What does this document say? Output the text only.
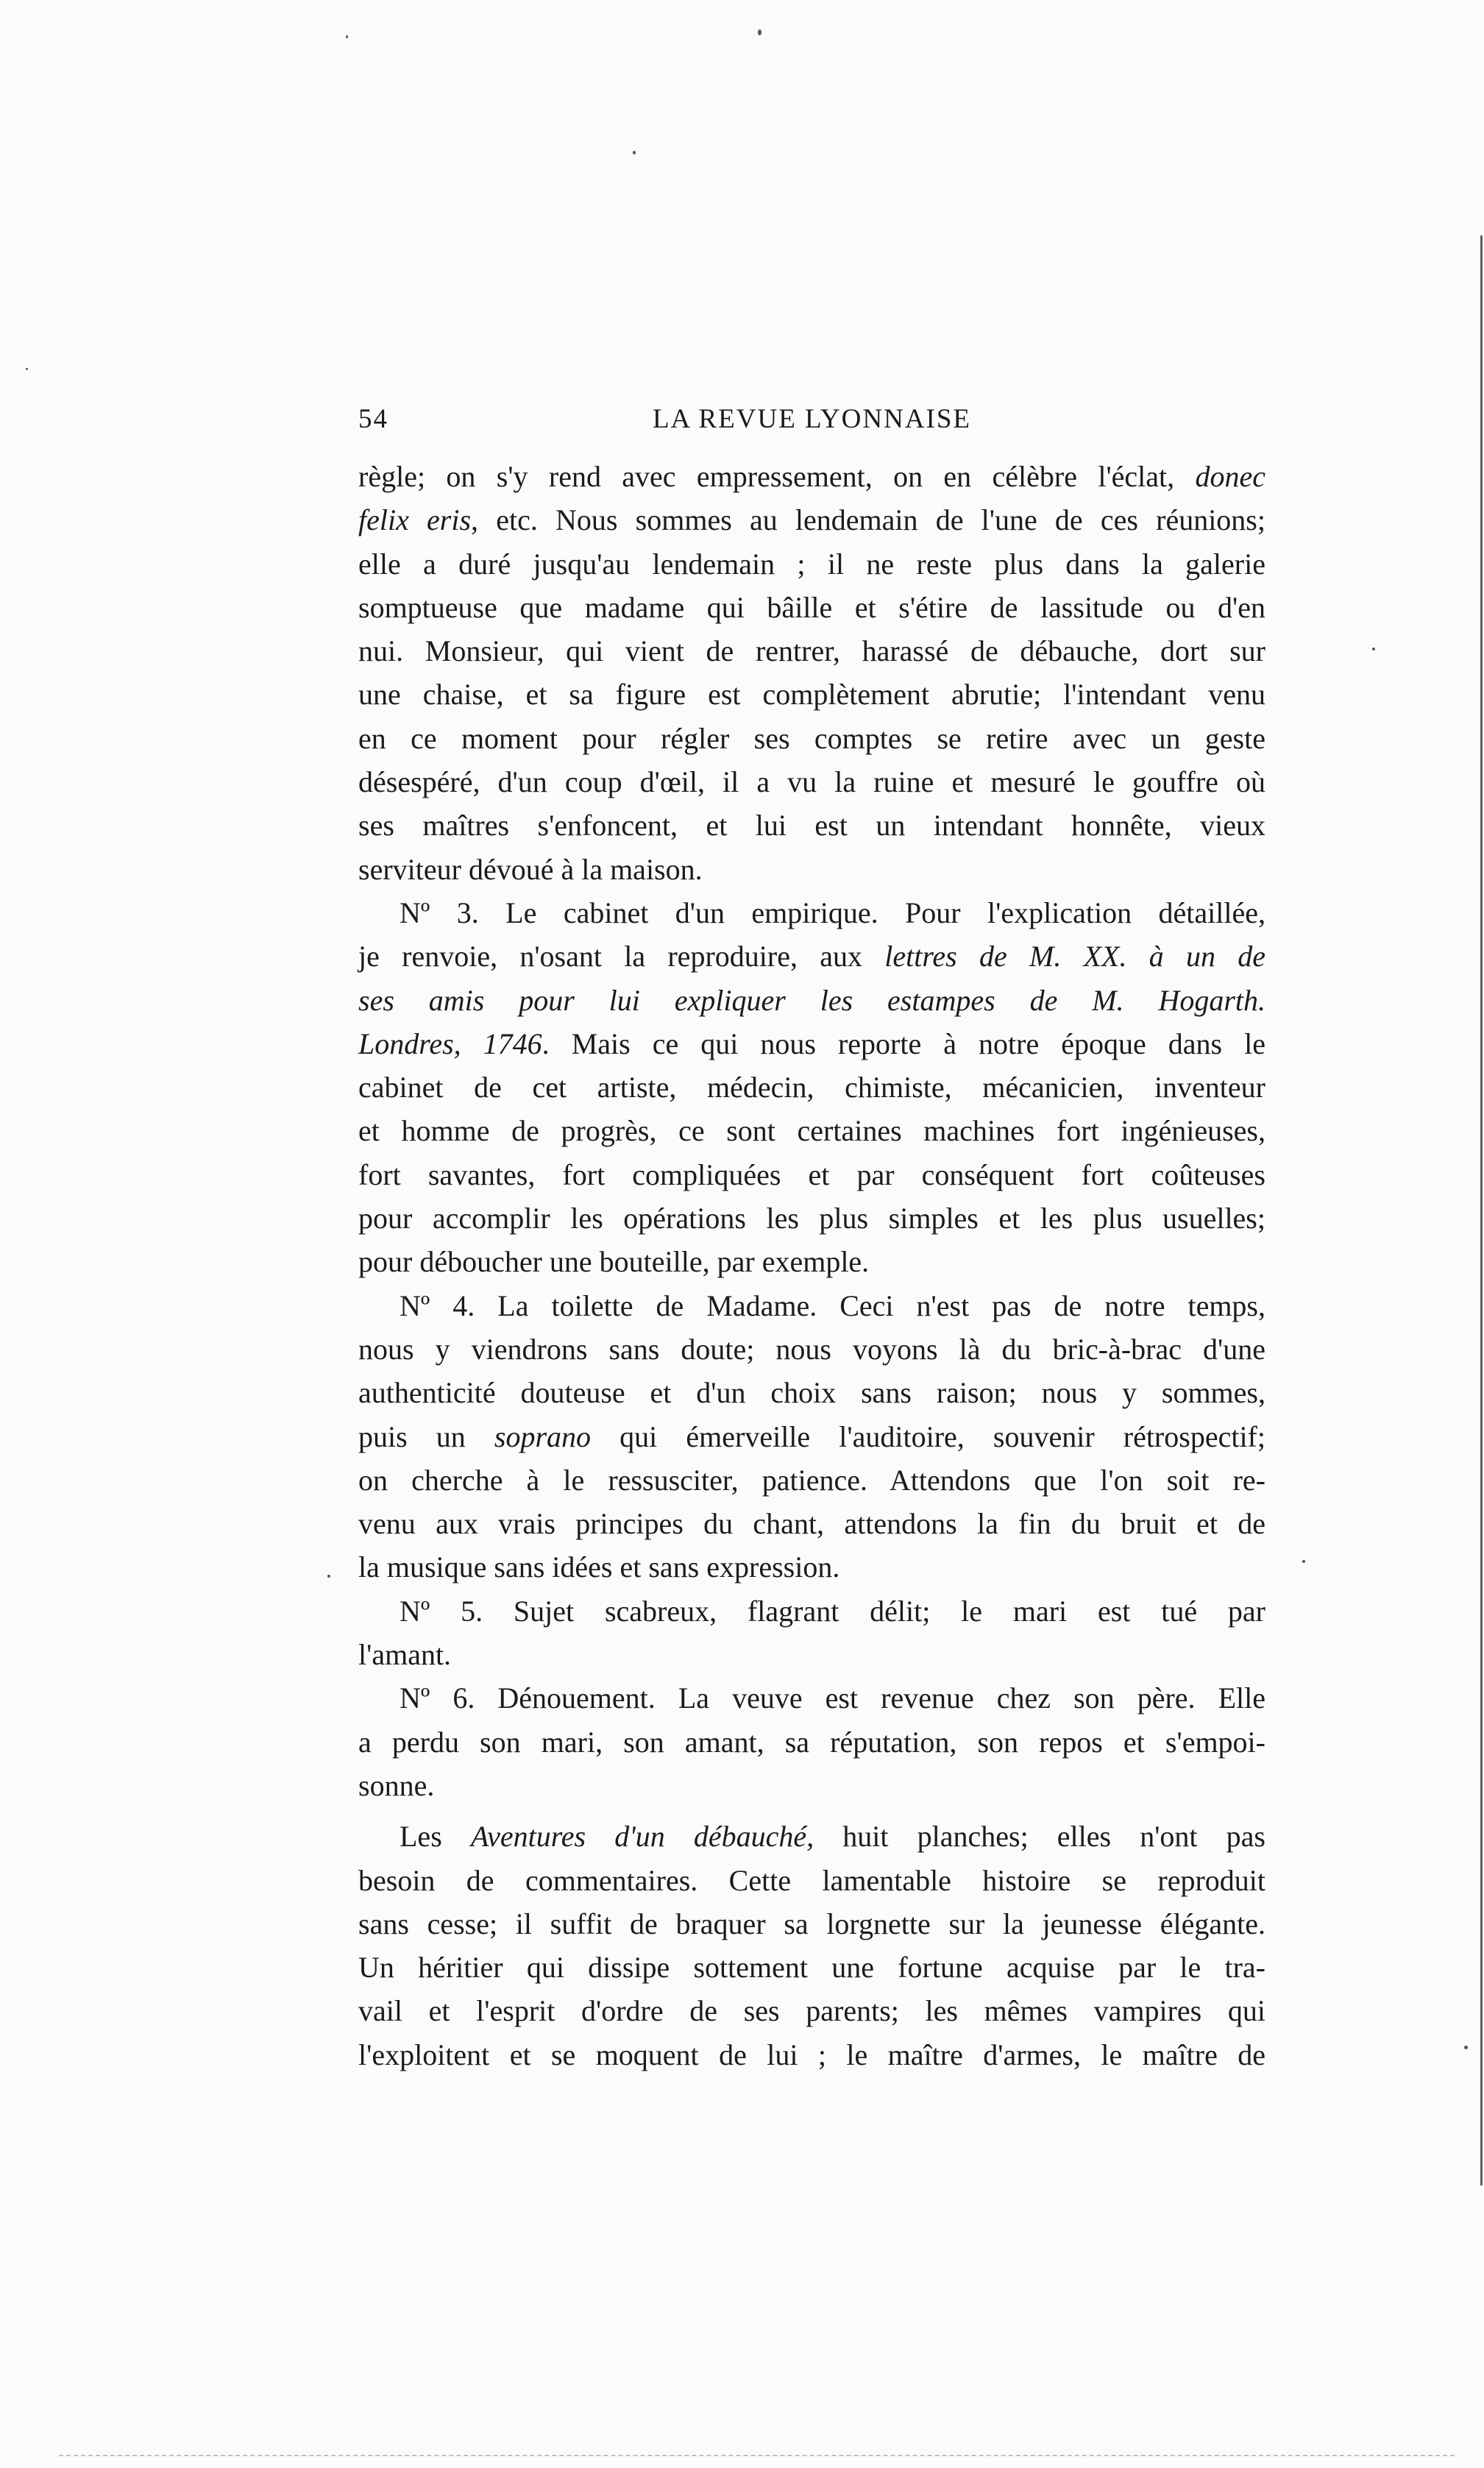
54	LA REVUE LYONNAISE
règle; on s'y rend avec empressement, on en célèbre l'éclat, donec
felix eris, etc. Nous sommes au lendemain de l'une de ces réunions;
elle a duré jusqu'au lendemain ; il ne reste plus dans la galerie
somptueuse que madame qui bâille et s'étire de lassitude ou d'en
nui. Monsieur, qui vient de rentrer, harassé de débauche, dort sur
une chaise, et sa figure est complètement abrutie; l'intendant venu
en ce moment pour régler ses comptes se retire avec un geste
désespéré, d'un coup d'œil, il a vu la ruine et mesuré le gouffre où
ses maîtres s'enfoncent, et lui est un intendant honnête, vieux
serviteur dévoué à la maison.
Nº 3. Le cabinet d'un empirique. Pour l'explication détaillée,
je renvoie, n'osant la reproduire, aux lettres de M. XX. à un de
ses amis pour lui expliquer les estampes de M. Hogarth.
Londres, 1746. Mais ce qui nous reporte à notre époque dans le
cabinet de cet artiste, médecin, chimiste, mécanicien, inventeur
et homme de progrès, ce sont certaines machines fort ingénieuses,
fort savantes, fort compliquées et par conséquent fort coûteuses
pour accomplir les opérations les plus simples et les plus usuelles;
pour déboucher une bouteille, par exemple.
Nº 4. La toilette de Madame. Ceci n'est pas de notre temps,
nous y viendrons sans doute; nous voyons là du bric-à-brac d'une
authenticité douteuse et d'un choix sans raison; nous y sommes,
puis un soprano qui émerveille l'auditoire, souvenir rétrospectif;
on cherche à le ressusciter, patience. Attendons que l'on soit re-
venu aux vrais principes du chant, attendons la fin du bruit et de
la musique sans idées et sans expression.
Nº 5. Sujet scabreux, flagrant délit; le mari est tué par
l'amant.
Nº 6. Dénouement. La veuve est revenue chez son père. Elle
a perdu son mari, son amant, sa réputation, son repos et s'empoi-
sonne.
Les Aventures d'un débauché, huit planches; elles n'ont pas
besoin de commentaires. Cette lamentable histoire se reproduit
sans cesse; il suffit de braquer sa lorgnette sur la jeunesse élégante.
Un héritier qui dissipe sottement une fortune acquise par le tra-
vail et l'esprit d'ordre de ses parents; les mêmes vampires qui
l'exploitent et se moquent de lui ; le maître d'armes, le maître de
